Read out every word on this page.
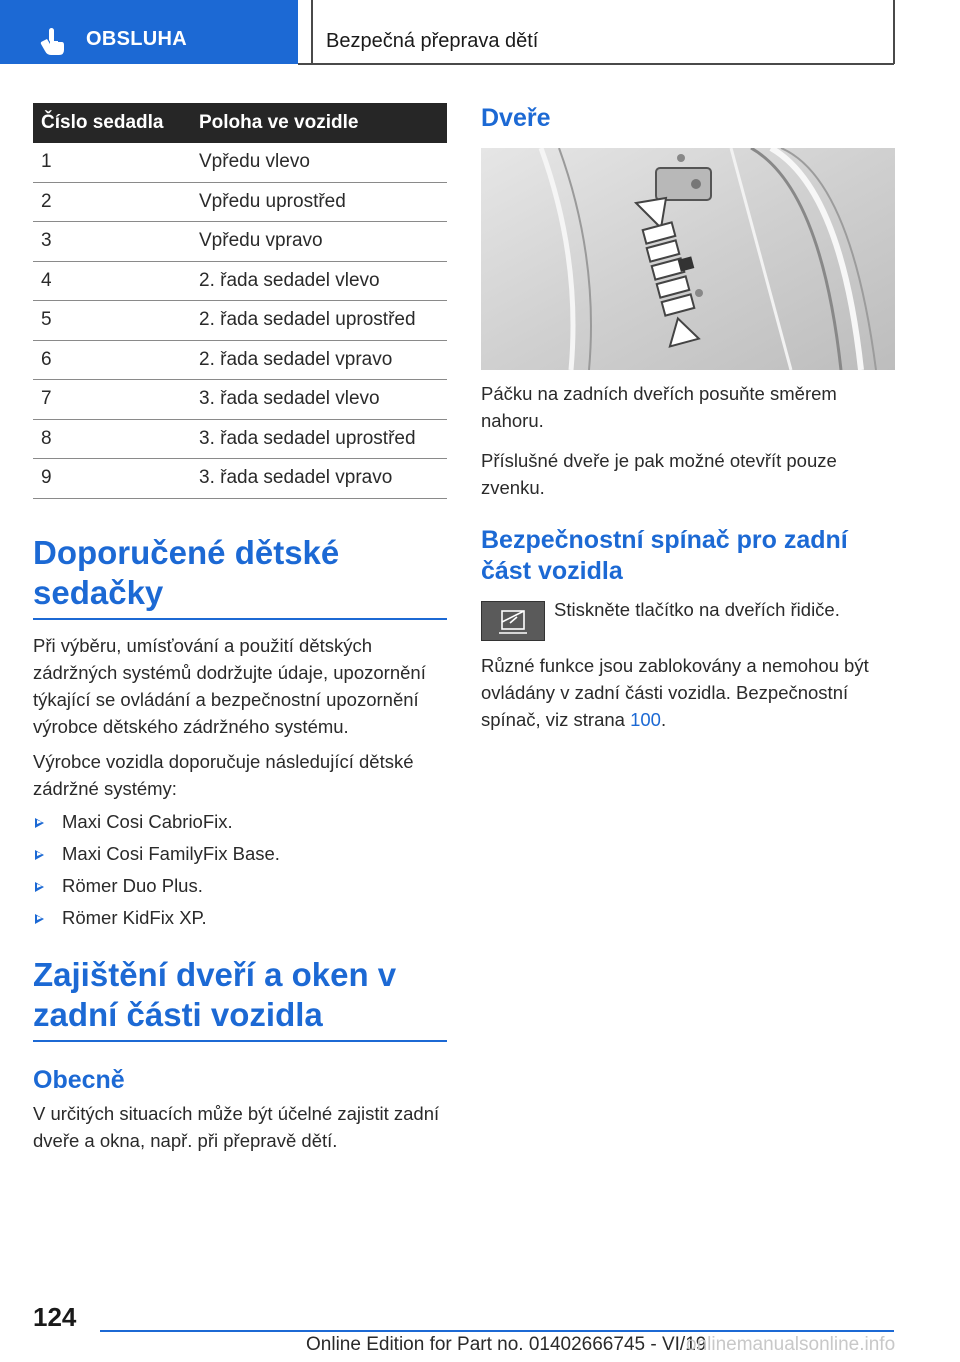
OBSLUHA	Bezpečná přeprava dětí
Číslo sedadla	Poloha ve vozidle
1	Vpředu vlevo
2	Vpředu uprostřed
3	Vpředu vpravo
4	2. řada sedadel vlevo
5	2. řada sedadel uprostřed
6	2. řada sedadel vpravo
7	3. řada sedadel vlevo
8	3. řada sedadel uprostřed
9	3. řada sedadel vpravo
Doporučené dětské
sedačky

Při výběru, umísťování a použití dětských zádržných systémů dodržujte údaje, upozornění týkající se ovládání a bezpečnostní upozornění výrobce dětského zádržného systému.

Výrobce vozidla doporučuje následující dětské zádržné systémy:

Maxi Cosi CabrioFix.
Maxi Cosi FamilyFix Base.
Römer Duo Plus.
Römer KidFix XP.
Zajištění dveří a oken v
zadní části vozidla
Obecně

V určitých situacích může být účelné zajistit zadní dveře a okna, např. při přepravě dětí.

Dveře

Páčku na zadních dveřích posuňte směrem nahoru.

Příslušné dveře je pak možné otevřít pouze zvenku.

Bezpečnostní spínač pro zadní
část vozidla

Stiskněte tlačítko na dveřích řidiče.

Různé funkce jsou zablokovány a nemohou být ovládány v zadní části vozidla. Bezpečnostní spínač, viz strana 100.

124
Online Edition for Part no. 01402666745 - VI/19
onlinemanualsonline.info
